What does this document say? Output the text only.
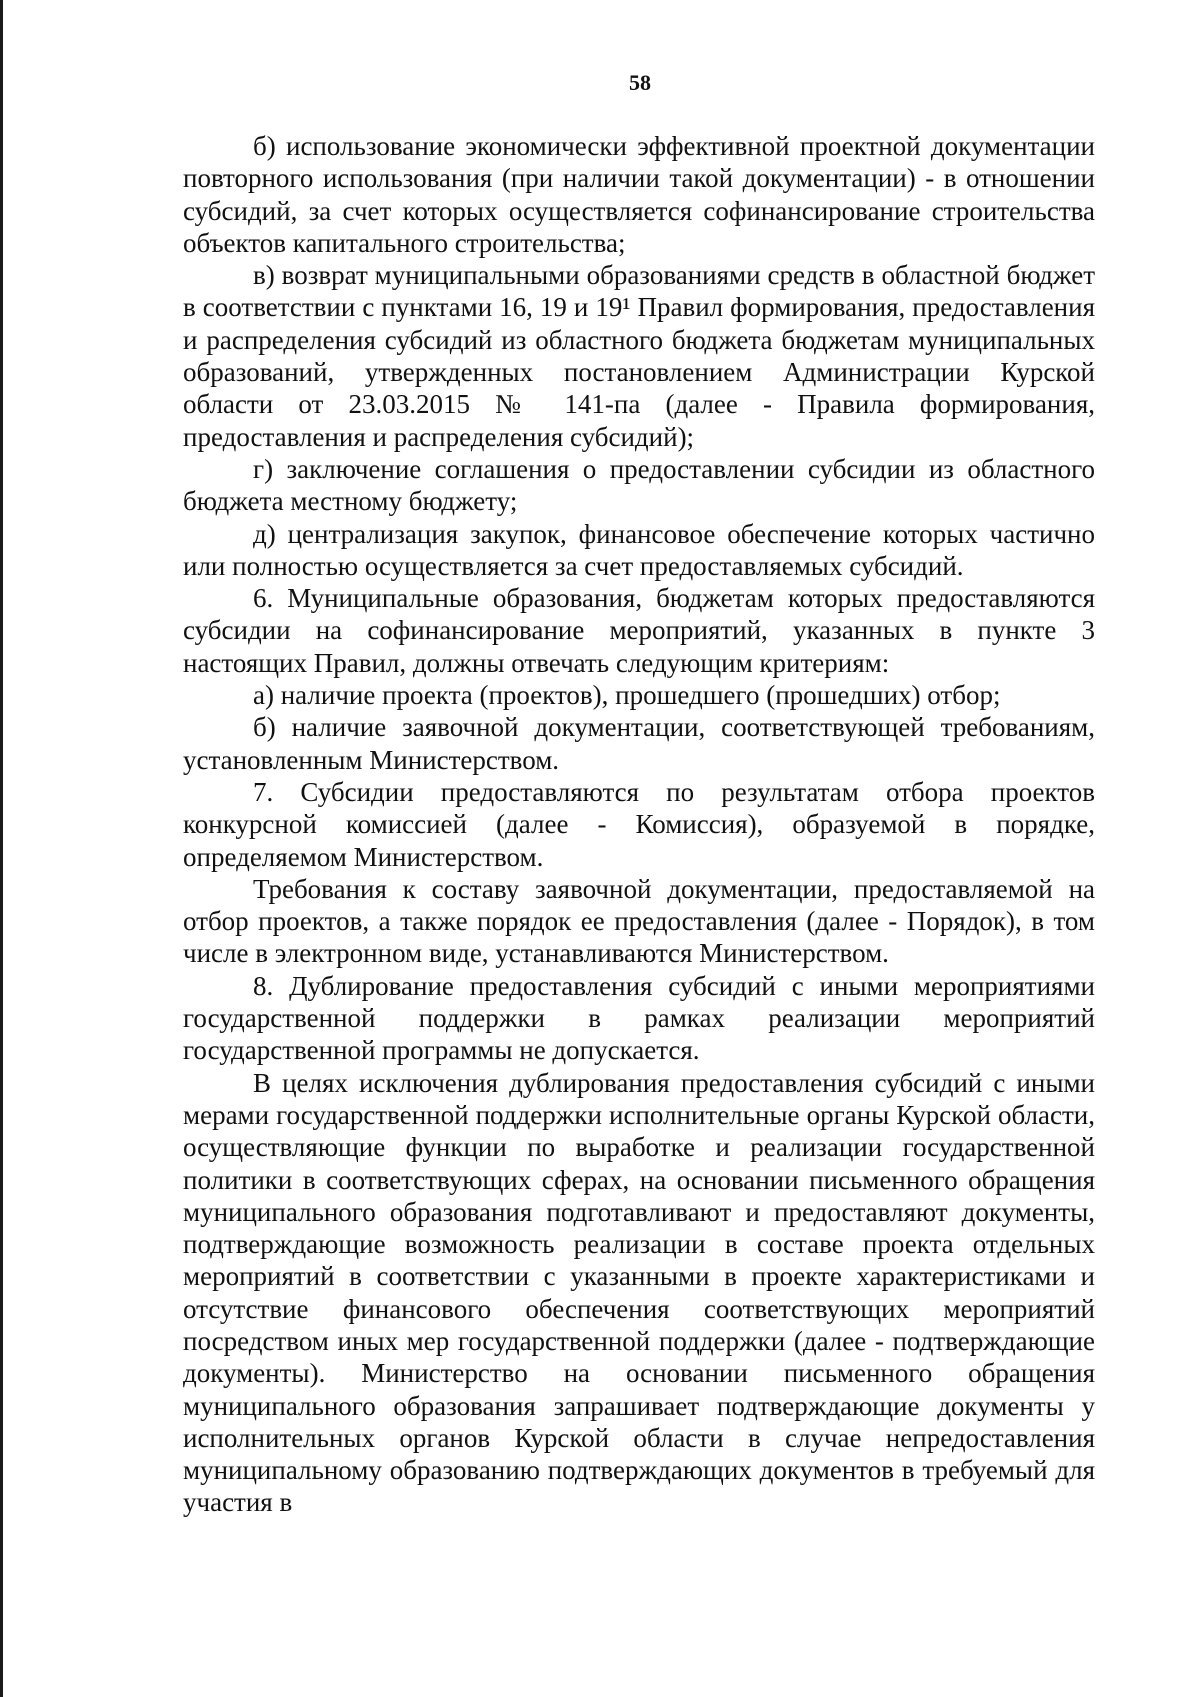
58

б) использование экономически эффективной проектной документации повторного использования (при наличии такой документации) - в отношении субсидий, за счет которых осуществляется софинансирование строительства объектов капитального строительства;

в) возврат муниципальными образованиями средств в областной бюджет в соответствии с пунктами 16, 19 и 19¹ Правил формирования, предоставления и распределения субсидий из областного бюджета бюджетам муниципальных образований, утвержденных постановлением Администрации Курской области от 23.03.2015 № 141-па (далее - Правила формирования, предоставления и распределения субсидий);

г) заключение соглашения о предоставлении субсидии из областного бюджета местному бюджету;

д) централизация закупок, финансовое обеспечение которых частично или полностью осуществляется за счет предоставляемых субсидий.

6. Муниципальные образования, бюджетам которых предоставляются субсидии на софинансирование мероприятий, указанных в пункте 3 настоящих Правил, должны отвечать следующим критериям:

а) наличие проекта (проектов), прошедшего (прошедших) отбор;

б) наличие заявочной документации, соответствующей требованиям, установленным Министерством.

7. Субсидии предоставляются по результатам отбора проектов конкурсной комиссией (далее - Комиссия), образуемой в порядке, определяемом Министерством.

Требования к составу заявочной документации, предоставляемой на отбор проектов, а также порядок ее предоставления (далее - Порядок), в том числе в электронном виде, устанавливаются Министерством.

8. Дублирование предоставления субсидий с иными мероприятиями государственной поддержки в рамках реализации мероприятий государственной программы не допускается.

В целях исключения дублирования предоставления субсидий с иными мерами государственной поддержки исполнительные органы Курской области, осуществляющие функции по выработке и реализации государственной политики в соответствующих сферах, на основании письменного обращения муниципального образования подготавливают и предоставляют документы, подтверждающие возможность реализации в составе проекта отдельных мероприятий в соответствии с указанными в проекте характеристиками и отсутствие финансового обеспечения соответствующих мероприятий посредством иных мер государственной поддержки (далее - подтверждающие документы). Министерство на основании письменного обращения муниципального образования запрашивает подтверждающие документы у исполнительных органов Курской области в случае непредоставления муниципальному образованию подтверждающих документов в требуемый для участия в
